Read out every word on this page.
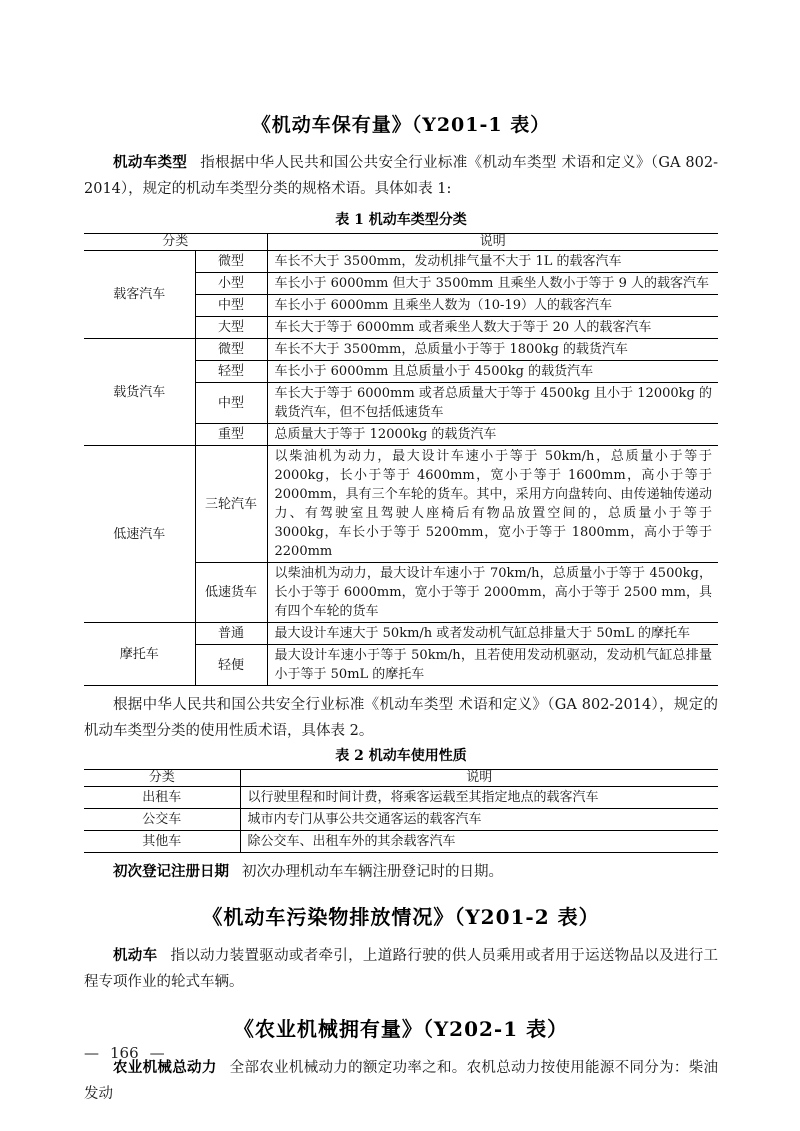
《机动车保有量》（Y201-1 表）

机动车类型 指根据中华人民共和国公共安全行业标准《机动车类型 术语和定义》（GA 802-2014），规定的机动车类型分类的规格术语。具体如表 1:

表 1 机动车类型分类

分类		说明
载客汽车	微型	车长不大于 3500mm，发动机排气量不大于 1L 的载客汽车
	小型	车长小于 6000mm 但大于 3500mm 且乘坐人数小于等于 9 人的载客汽车
	中型	车长小于 6000mm 且乘坐人数为（10-19）人的载客汽车
	大型	车长大于等于 6000mm 或者乘坐人数大于等于 20 人的载客汽车
载货汽车	微型	车长不大于 3500mm，总质量小于等于 1800kg 的载货汽车
	轻型	车长小于 6000mm 且总质量小于 4500kg 的载货汽车
	中型	车长大于等于 6000mm 或者总质量大于等于 4500kg 且小于 12000kg 的载货汽车，但不包括低速货车
	重型	总质量大于等于 12000kg 的载货汽车
低速汽车	三轮汽车	以柴油机为动力，最大设计车速小于等于 50km/h，总质量小于等于 2000kg，长小于等于 4600mm，宽小于等于 1600mm，高小于等于 2000mm，具有三个车轮的货车。其中，采用方向盘转向、由传递轴传递动力、有驾驶室且驾驶人座椅后有物品放置空间的，总质量小于等于 3000kg，车长小于等于 5200mm，宽小于等于 1800mm，高小于等于 2200mm
	低速货车	以柴油机为动力，最大设计车速小于 70km/h，总质量小于等于 4500kg，长小于等于 6000mm，宽小于等于 2000mm，高小于等于 2500 mm，具有四个车轮的货车
摩托车	普通	最大设计车速大于 50km/h 或者发动机气缸总排量大于 50mL 的摩托车
	轻便	最大设计车速小于等于 50km/h，且若使用发动机驱动，发动机气缸总排量小于等于 50mL 的摩托车

根据中华人民共和国公共安全行业标准《机动车类型 术语和定义》（GA 802-2014），规定的机动车类型分类的使用性质术语，具体表 2。

表 2 机动车使用性质

分类	说明
出租车	以行驶里程和时间计费，将乘客运载至其指定地点的载客汽车
公交车	城市内专门从事公共交通客运的载客汽车
其他车	除公交车、出租车外的其余载客汽车

初次登记注册日期 初次办理机动车车辆注册登记时的日期。

《机动车污染物排放情况》（Y201-2 表）

机动车 指以动力装置驱动或者牵引，上道路行驶的供人员乘用或者用于运送物品以及进行工程专项作业的轮式车辆。

《农业机械拥有量》（Y202-1 表）

农业机械总动力 全部农业机械动力的额定功率之和。农机总动力按使用能源不同分为：柴油发动

— 166 —
